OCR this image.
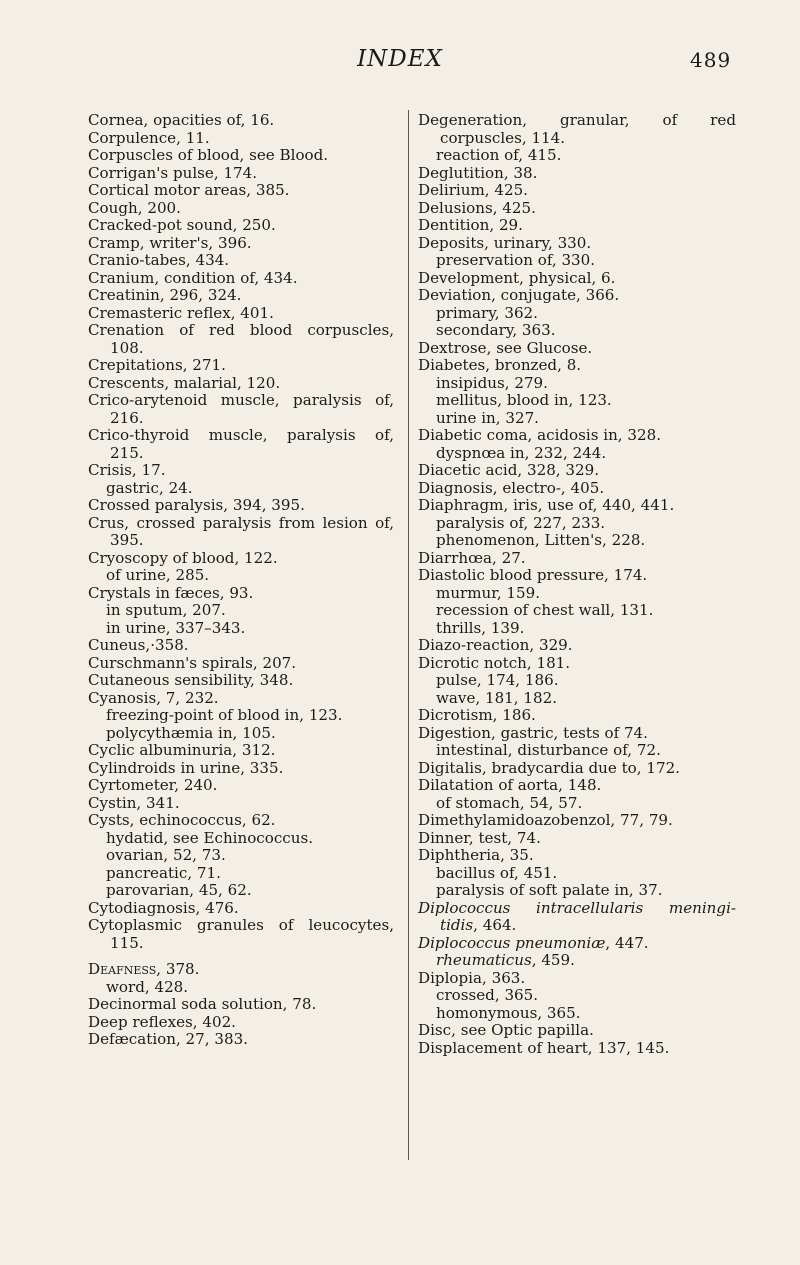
INDEX	489
Cornea, opacities of, 16.
Corpulence, 11.
Corpuscles of blood, see Blood.
Corrigan's pulse, 174.
Cortical motor areas, 385.
Cough, 200.
Cracked-pot sound, 250.
Cramp, writer's, 396.
Cranio-tabes, 434.
Cranium, condition of, 434.
Creatinin, 296, 324.
Cremasteric reflex, 401.
Crenation of red blood corpuscles,
108.
Crepitations, 271.
Crescents, malarial, 120.
Crico-arytenoid muscle, paralysis of,
216.
Crico-thyroid muscle, paralysis of,
215.
Crisis, 17.
gastric, 24.
Crossed paralysis, 394, 395.
Crus, crossed paralysis from lesion of,
395.
Cryoscopy of blood, 122.
of urine, 285.
Crystals in fæces, 93.
in sputum, 207.
in urine, 337–343.
Cuneus,·358.
Curschmann's spirals, 207.
Cutaneous sensibility, 348.
Cyanosis, 7, 232.
freezing-point of blood in, 123.
polycythæmia in, 105.
Cyclic albuminuria, 312.
Cylindroids in urine, 335.
Cyrtometer, 240.
Cystin, 341.
Cysts, echinococcus, 62.
hydatid, see Echinococcus.
ovarian, 52, 73.
pancreatic, 71.
parovarian, 45, 62.
Cytodiagnosis, 476.
Cytoplasmic granules of leucocytes,
115.
Deafness, 378.
word, 428.
Decinormal soda solution, 78.
Deep reflexes, 402.
Defæcation, 27, 383.
Degeneration, granular, of red
corpuscles, 114.
reaction of, 415.
Deglutition, 38.
Delirium, 425.
Delusions, 425.
Dentition, 29.
Deposits, urinary, 330.
preservation of, 330.
Development, physical, 6.
Deviation, conjugate, 366.
primary, 362.
secondary, 363.
Dextrose, see Glucose.
Diabetes, bronzed, 8.
insipidus, 279.
mellitus, blood in, 123.
urine in, 327.
Diabetic coma, acidosis in, 328.
dyspnœa in, 232, 244.
Diacetic acid, 328, 329.
Diagnosis, electro-, 405.
Diaphragm, iris, use of, 440, 441.
paralysis of, 227, 233.
phenomenon, Litten's, 228.
Diarrhœa, 27.
Diastolic blood pressure, 174.
murmur, 159.
recession of chest wall, 131.
thrills, 139.
Diazo-reaction, 329.
Dicrotic notch, 181.
pulse, 174, 186.
wave, 181, 182.
Dicrotism, 186.
Digestion, gastric, tests of 74.
intestinal, disturbance of, 72.
Digitalis, bradycardia due to, 172.
Dilatation of aorta, 148.
of stomach, 54, 57.
Dimethylamidoazobenzol, 77, 79.
Dinner, test, 74.
Diphtheria, 35.
bacillus of, 451.
paralysis of soft palate in, 37.
Diplococcus intracellularis meningi-
tidis, 464.
Diplococcus pneumoniæ, 447.
rheumaticus, 459.
Diplopia, 363.
crossed, 365.
homonymous, 365.
Disc, see Optic papilla.
Displacement of heart, 137, 145.
